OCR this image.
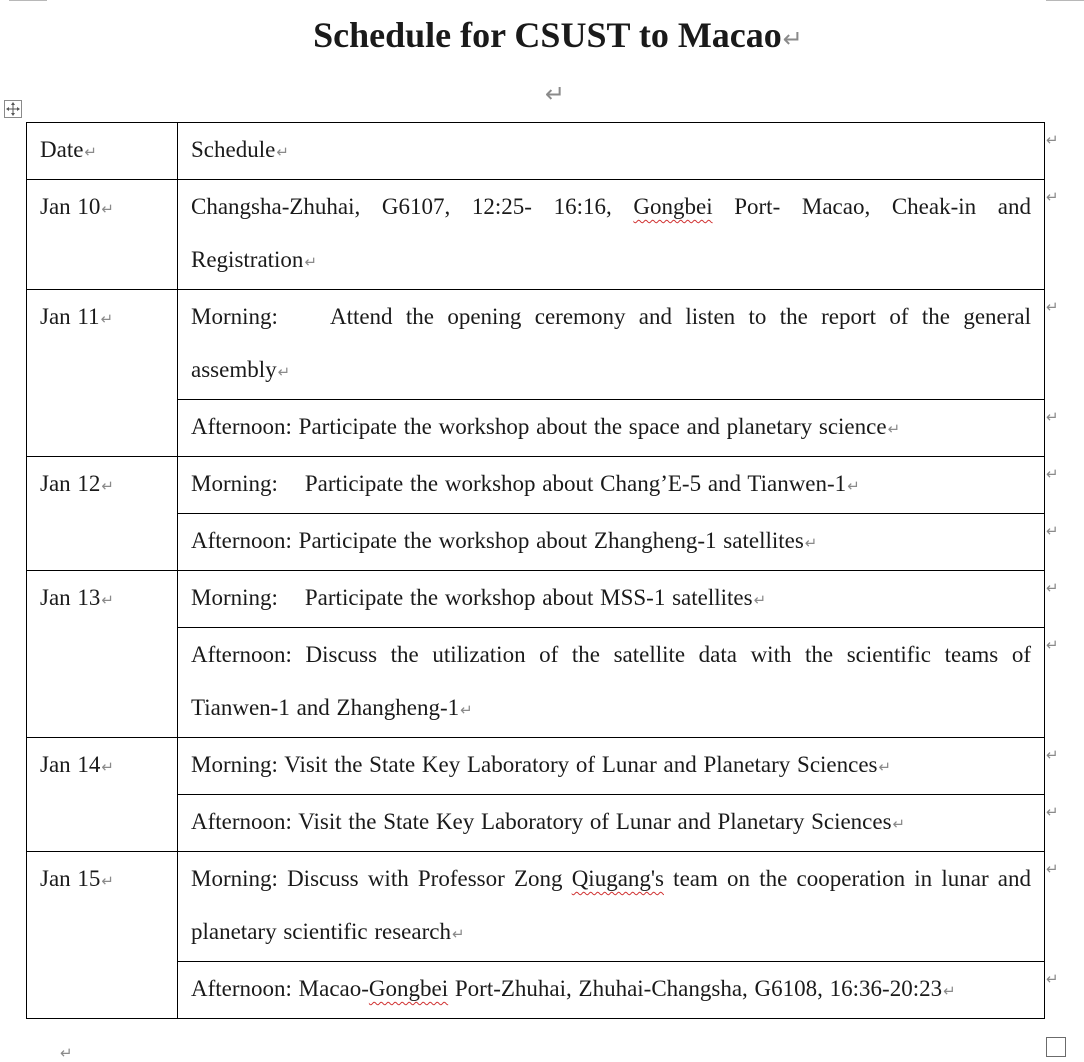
Schedule for CSUST to Macao↵
↵
Date↵	Schedule↵
Jan 10↵	Changsha-Zhuhai, G6107, 12:25- 16:16, Gongbei Port- Macao, Cheak-in and Registration↵
Jan 11↵	Morning:    Attend the opening ceremony and listen to the report of the general assembly↵
	Afternoon: Participate the workshop about the space and planetary science↵
Jan 12↵	Morning:    Participate the workshop about Chang’E-5 and Tianwen-1↵
	Afternoon: Participate the workshop about Zhangheng-1 satellites↵
Jan 13↵	Morning:    Participate the workshop about MSS-1 satellites↵
	Afternoon: Discuss the utilization of the satellite data with the scientific teams of Tianwen-1 and Zhangheng-1↵
Jan 14↵	Morning: Visit the State Key Laboratory of Lunar and Planetary Sciences↵
	Afternoon: Visit the State Key Laboratory of Lunar and Planetary Sciences↵
Jan 15↵	Morning: Discuss with Professor Zong Qiugang's team on the cooperation in lunar and planetary scientific research↵
	Afternoon: Macao-Gongbei Port-Zhuhai, Zhuhai-Changsha, G6108, 16:36-20:23↵
↵
↵
↵
↵
↵
↵
↵
↵
↵
↵
↵
↵
↵
